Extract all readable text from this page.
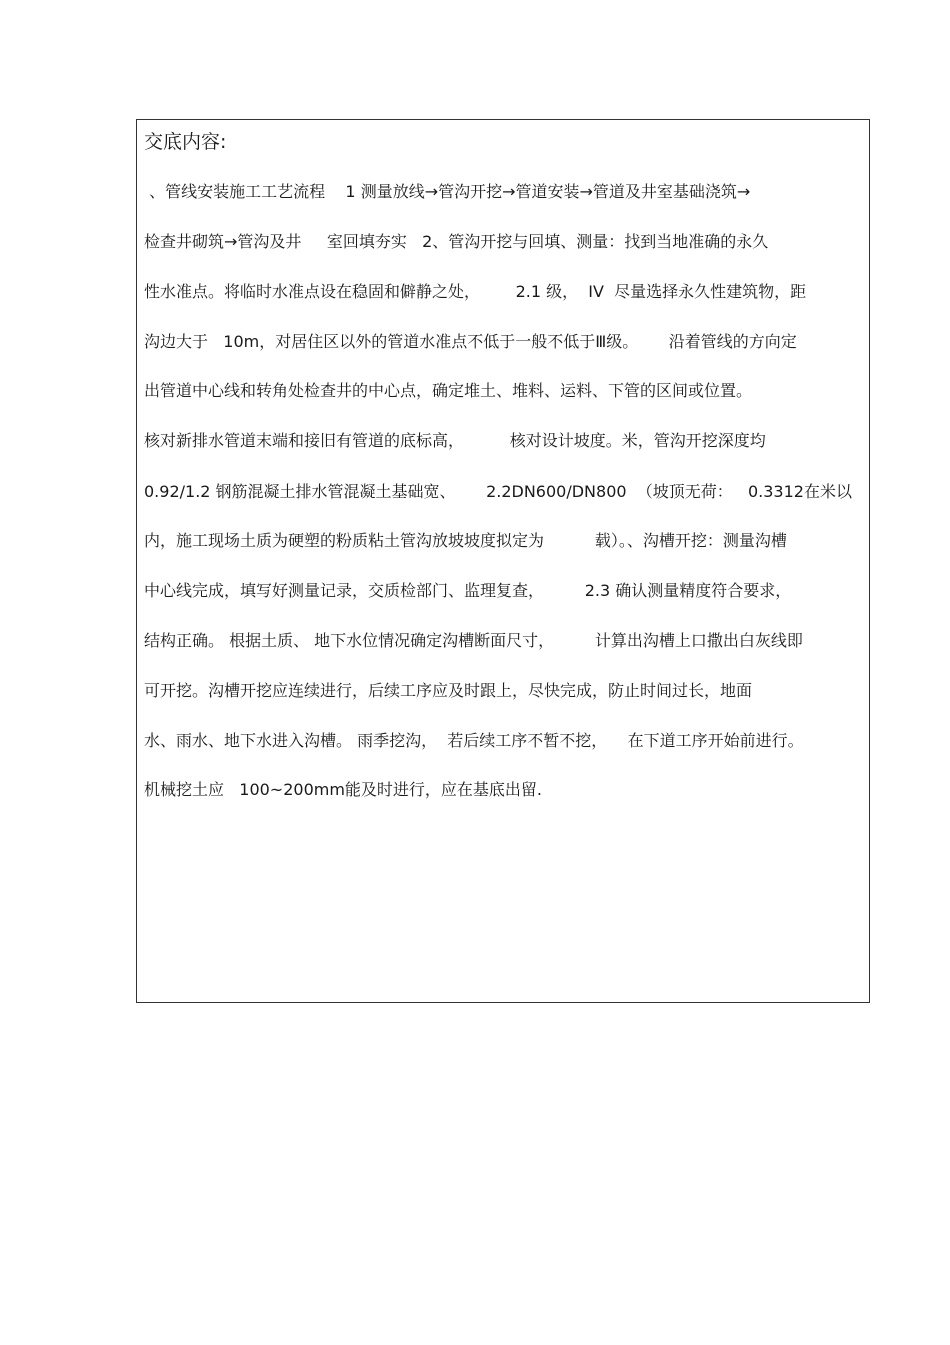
交底内容:
、管线安装施工工艺流程    1 测量放线→管沟开挖→管道安装→管道及井室基础浇筑→
检查井砌筑→管沟及井     室回填夯实   2、管沟开挖与回填、测量：找到当地准确的永久
性水准点。将临时水准点设在稳固和僻静之处，       2.1 级，  IV  尽量选择永久性建筑物，距
沟边大于   10m，对居住区以外的管道水准点不低于一般不低于Ⅲ级。      沿着管线的方向定
出管道中心线和转角处检查井的中心点，确定堆土、堆料、运料、下管的区间或位置。
核对新排水管道末端和接旧有管道的底标高，         核对设计坡度。米，管沟开挖深度均
0.92/1.2 钢筋混凝土排水管混凝土基础宽、      2.2DN600/DN800  （坡顶无荷：   0.3312在米以
内，施工现场土质为硬塑的粉质粘土管沟放坡坡度拟定为          载）。、沟槽开挖：测量沟槽
中心线完成，填写好测量记录，交质检部门、监理复查，        2.3 确认测量精度符合要求，
结构正确。 根据土质、 地下水位情况确定沟槽断面尺寸，        计算出沟槽上口撒出白灰线即
可开挖。沟槽开挖应连续进行，后续工序应及时跟上，尽快完成，防止时间过长，地面
水、雨水、地下水进入沟槽。 雨季挖沟，  若后续工序不暂不挖，    在下道工序开始前进行。
机械挖土应   100~200mm能及时进行，应在基底出留.
